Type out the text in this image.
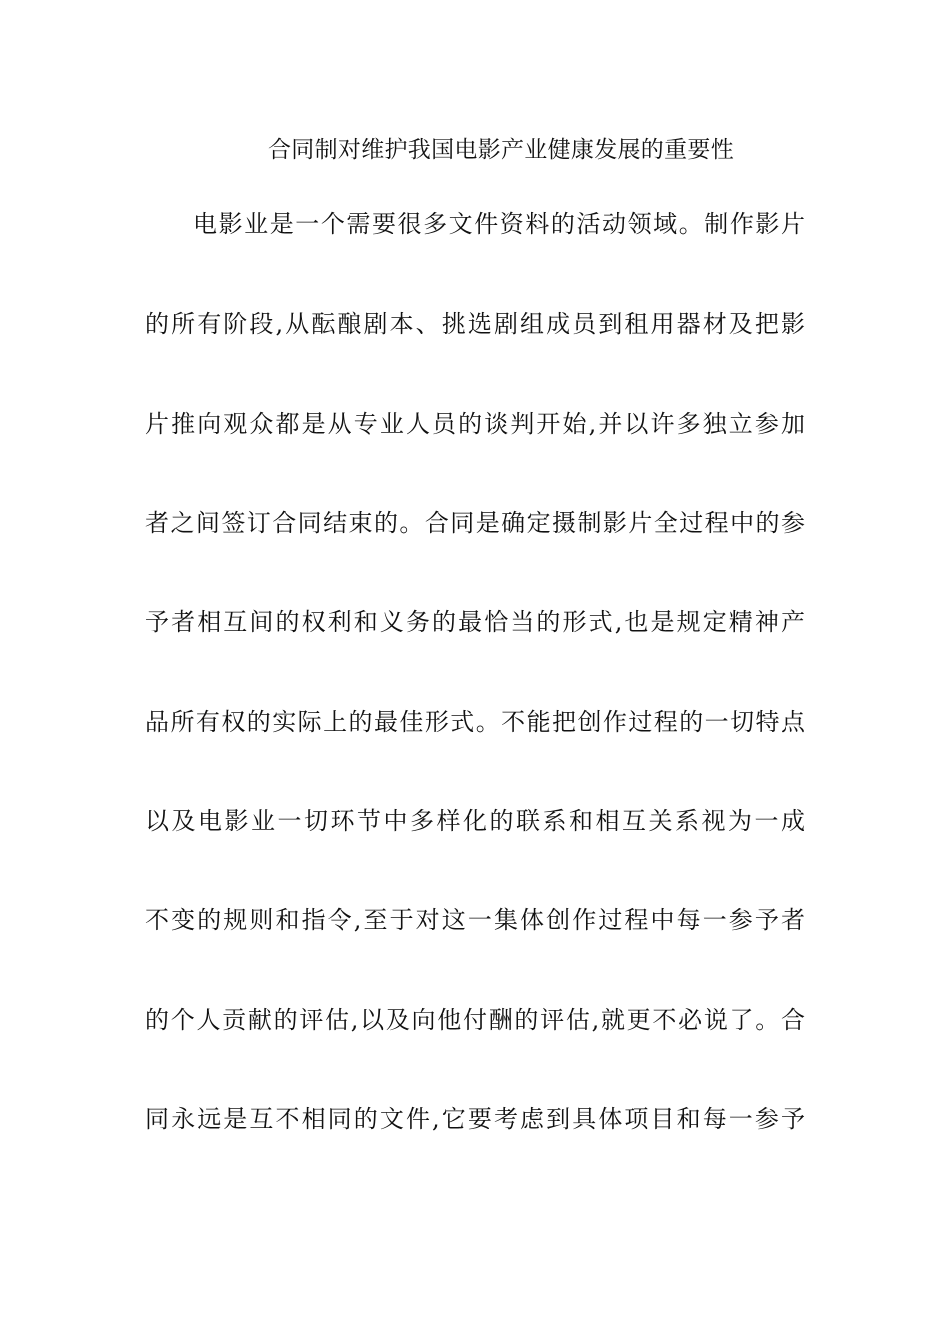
合同制对维护我国电影产业健康发展的重要性
电影业是一个需要很多文件资料的活动领域。制作影片
的所有阶段,从酝酿剧本、挑选剧组成员到租用器材及把影
片推向观众都是从专业人员的谈判开始,并以许多独立参加
者之间签订合同结束的。合同是确定摄制影片全过程中的参
予者相互间的权利和义务的最恰当的形式,也是规定精神产
品所有权的实际上的最佳形式。不能把创作过程的一切特点
以及电影业一切环节中多样化的联系和相互关系视为一成
不变的规则和指令,至于对这一集体创作过程中每一参予者
的个人贡献的评估,以及向他付酬的评估,就更不必说了。合
同永远是互不相同的文件,它要考虑到具体项目和每一参予
